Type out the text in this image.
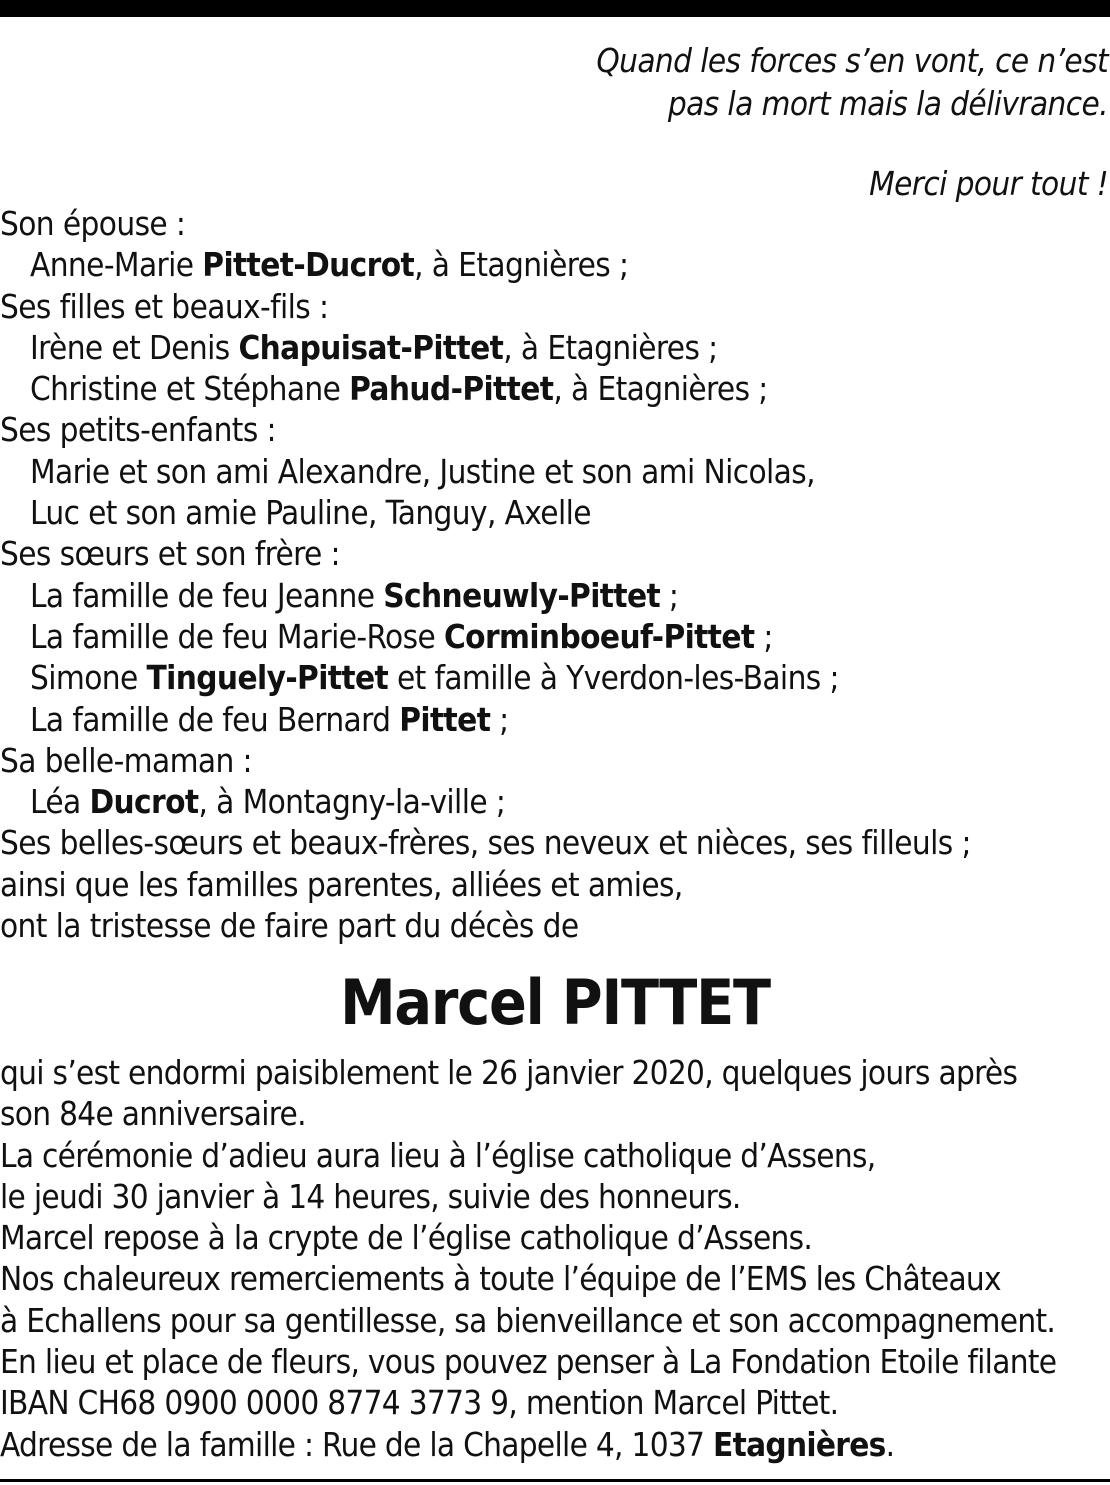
Quand les forces s’en vont, ce n’est
pas la mort mais la délivrance.
Merci pour tout !
Son épouse :
Anne-Marie Pittet-Ducrot, à Etagnières ;
Ses filles et beaux-fils :
Irène et Denis Chapuisat-Pittet, à Etagnières ;
Christine et Stéphane Pahud-Pittet, à Etagnières ;
Ses petits-enfants :
Marie et son ami Alexandre, Justine et son ami Nicolas,
Luc et son amie Pauline, Tanguy, Axelle
Ses sœurs et son frère :
La famille de feu Jeanne Schneuwly-Pittet ;
La famille de feu Marie-Rose Corminboeuf-Pittet ;
Simone Tinguely-Pittet et famille à Yverdon-les-Bains ;
La famille de feu Bernard Pittet ;
Sa belle-maman :
Léa Ducrot, à Montagny-la-ville ;
Ses belles-sœurs et beaux-frères, ses neveux et nièces, ses filleuls ;
ainsi que les familles parentes, alliées et amies,
ont la tristesse de faire part du décès de
Marcel PITTET
qui s’est endormi paisiblement le 26 janvier 2020, quelques jours après
son 84e anniversaire.
La cérémonie d’adieu aura lieu à l’église catholique d’Assens,
le jeudi 30 janvier à 14 heures, suivie des honneurs.
Marcel repose à la crypte de l’église catholique d’Assens.
Nos chaleureux remerciements à toute l’équipe de l’EMS les Châteaux
à Echallens pour sa gentillesse, sa bienveillance et son accompagnement.
En lieu et place de fleurs, vous pouvez penser à La Fondation Etoile filante
IBAN CH68 0900 0000 8774 3773 9, mention Marcel Pittet.
Adresse de la famille : Rue de la Chapelle 4, 1037 Etagnières.
